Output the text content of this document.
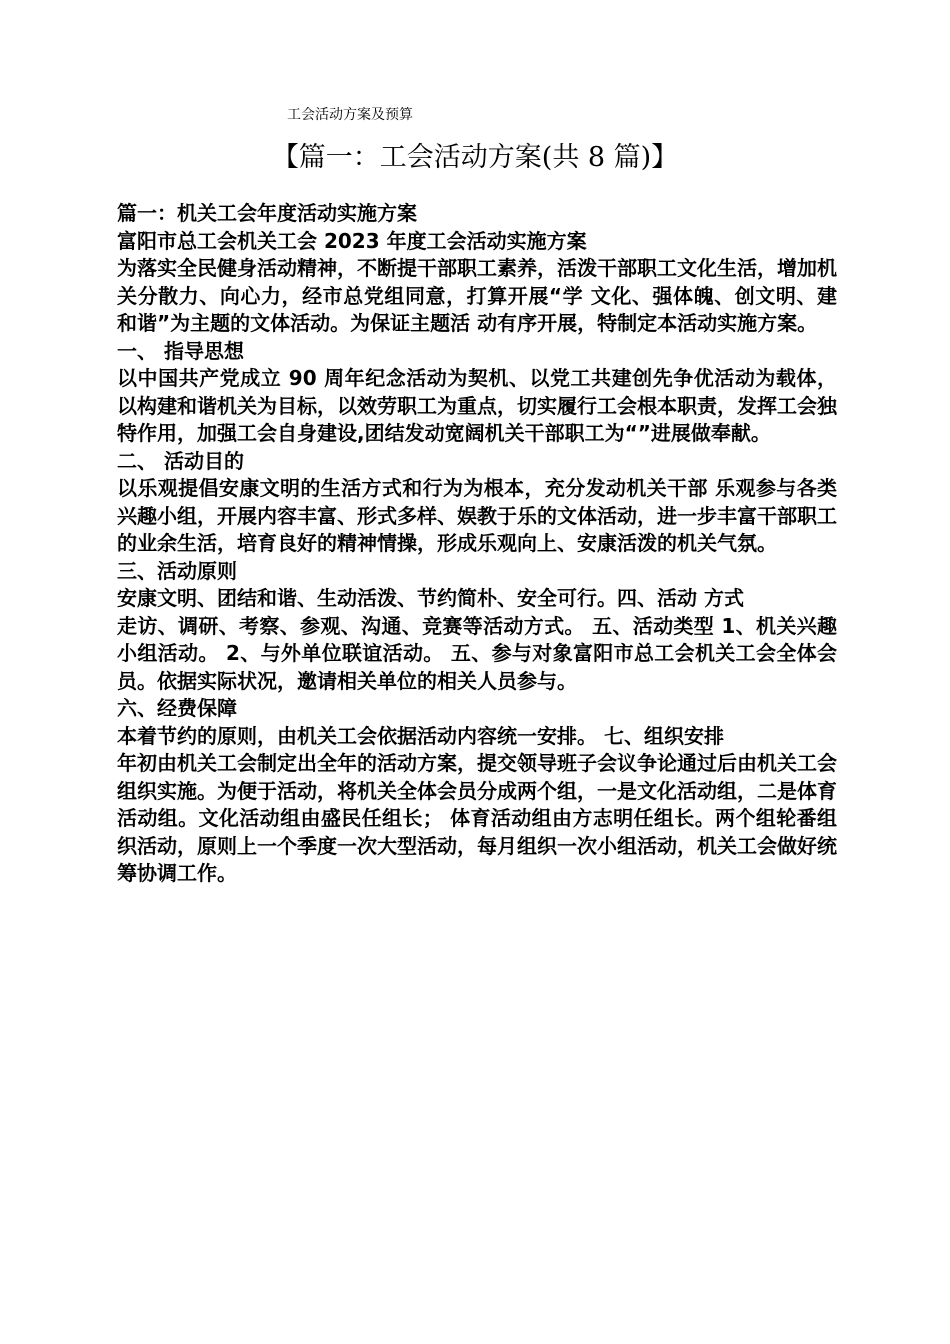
工会活动方案及预算
【篇一：工会活动方案(共 8 篇)】

篇一：机关工会年度活动实施方案

富阳市总工会机关工会 2023 年度工会活动实施方案

为落实全民健身活动精神，不断提干部职工素养，活泼干部职工文化生活，增加机关分散力、向心力，经市总党组同意，打算开展“学 文化、强体魄、创文明、建和谐”为主题的文体活动。为保证主题活 动有序开展，特制定本活动实施方案。

一、 指导思想

以中国共产党成立 90 周年纪念活动为契机、以党工共建创先争优活动为载体，以构建和谐机关为目标，以效劳职工为重点，切实履行工会根本职责，发挥工会独特作用，加强工会自身建设,团结发动宽阔机关干部职工为“”进展做奉献。

二、 活动目的

以乐观提倡安康文明的生活方式和行为为根本，充分发动机关干部 乐观参与各类兴趣小组，开展内容丰富、形式多样、娱教于乐的文体活动，进一步丰富干部职工的业余生活，培育良好的精神情操，形成乐观向上、安康活泼的机关气氛。

三、活动原则

安康文明、团结和谐、生动活泼、节约简朴、安全可行。四、活动 方式

走访、调研、考察、参观、沟通、竞赛等活动方式。 五、活动类型 1、机关兴趣小组活动。 2、与外单位联谊活动。 五、参与对象富阳市总工会机关工会全体会员。依据实际状况，邀请相关单位的相关人员参与。

六、经费保障

本着节约的原则，由机关工会依据活动内容统一安排。 七、组织安排

年初由机关工会制定出全年的活动方案，提交领导班子会议争论通过后由机关工会组织实施。为便于活动，将机关全体会员分成两个组，一是文化活动组，二是体育活动组。文化活动组由盛民任组长； 体育活动组由方志明任组长。两个组轮番组织活动，原则上一个季度一次大型活动，每月组织一次小组活动，机关工会做好统筹协调工作。
